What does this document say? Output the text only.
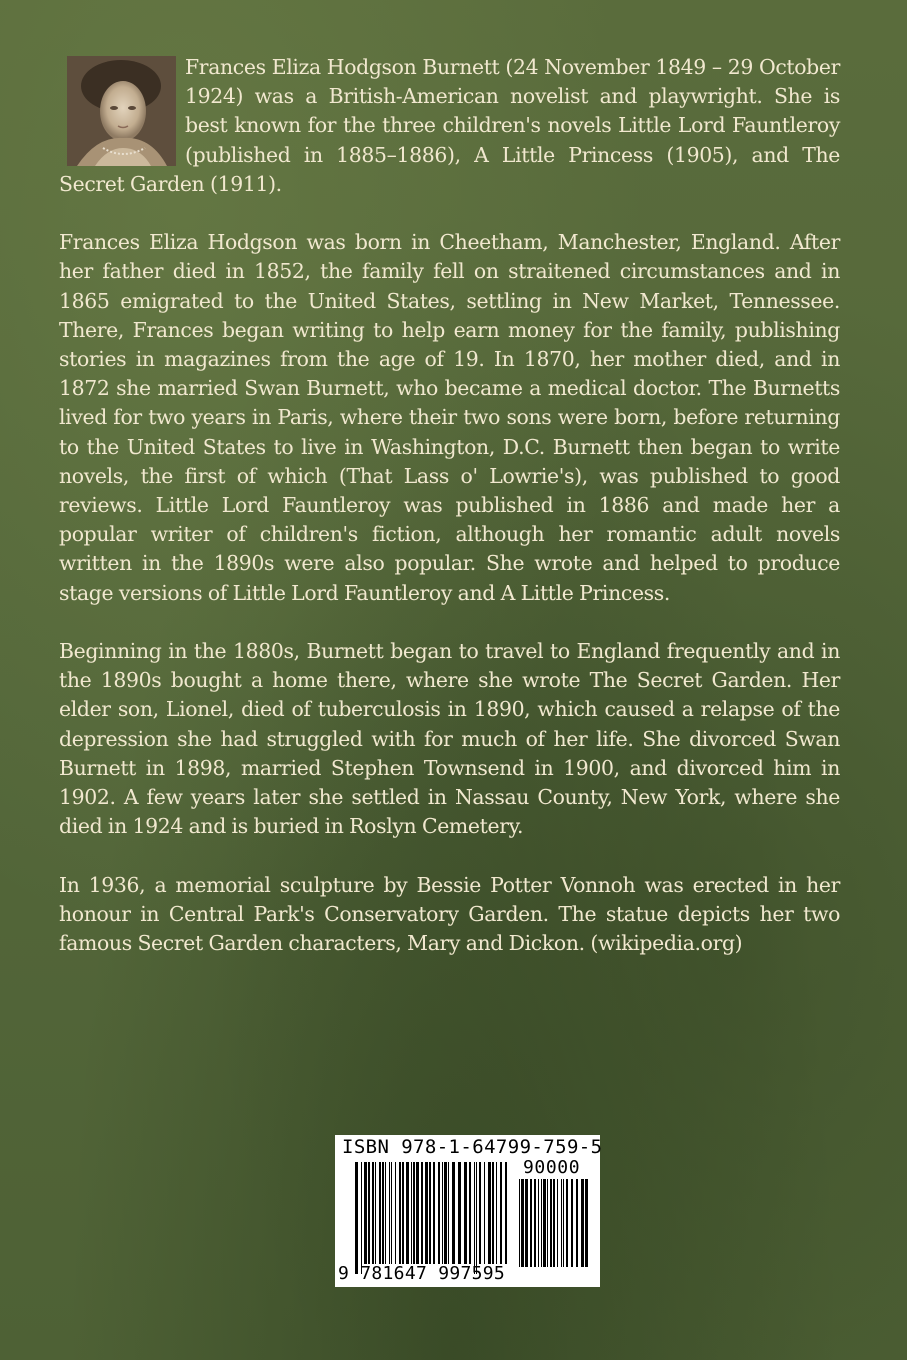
Frances Eliza Hodgson Burnett (24 November 1849 – 29 October 1924) was a British-American novelist and playwright. She is best known for the three children's novels Little Lord Fauntleroy (published in 1885–1886), A Little Princess (1905), and The Secret Garden (1911).

Frances Eliza Hodgson was born in Cheetham, Manchester, England. After her father died in 1852, the family fell on straitened circumstances and in 1865 emigrated to the United States, settling in New Market, Tennessee. There, Frances began writing to help earn money for the family, publishing stories in magazines from the age of 19. In 1870, her mother died, and in 1872 she married Swan Burnett, who became a medical doctor. The Burnetts lived for two years in Paris, where their two sons were born, before returning to the United States to live in Washington, D.C. Burnett then began to write novels, the first of which (That Lass o' Lowrie's), was published to good reviews. Little Lord Fauntleroy was published in 1886 and made her a popular writer of children's fiction, although her romantic adult novels written in the 1890s were also popular. She wrote and helped to produce stage versions of Little Lord Fauntleroy and A Little Princess.

Beginning in the 1880s, Burnett began to travel to England frequently and in the 1890s bought a home there, where she wrote The Secret Garden. Her elder son, Lionel, died of tuberculosis in 1890, which caused a relapse of the depression she had struggled with for much of her life. She divorced Swan Burnett in 1898, married Stephen Townsend in 1900, and divorced him in 1902. A few years later she settled in Nassau County, New York, where she died in 1924 and is buried in Roslyn Cemetery.

In 1936, a memorial sculpture by Bessie Potter Vonnoh was erected in her honour in Central Park's Conservatory Garden. The statue depicts her two famous Secret Garden characters, Mary and Dickon. (wikipedia.org)

ISBN 978-1-64799-759-5
90000
9 781647 997595
